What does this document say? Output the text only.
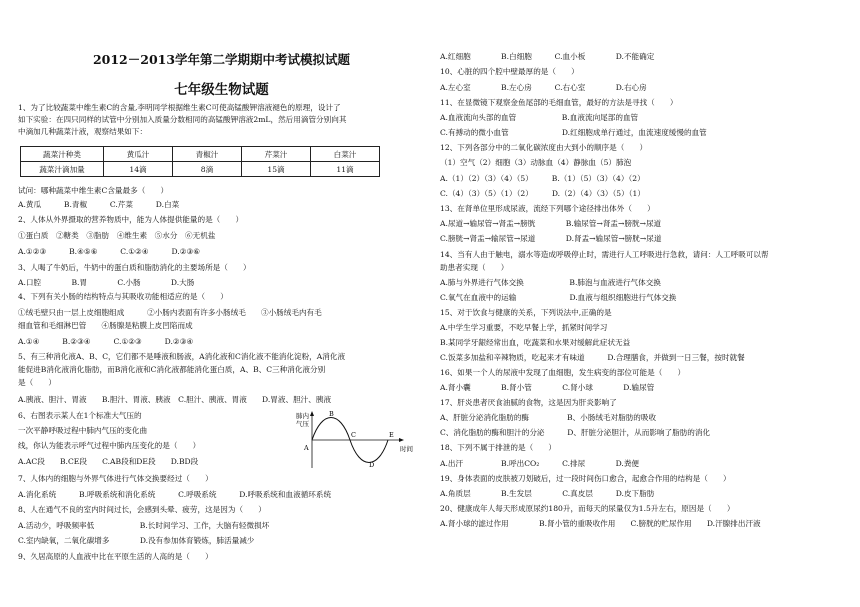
2012－2013学年第二学期期中考试模拟试题
七年级生物试题
1、为了比较蔬菜中维生素C的含量,李明同学根据维生素C可使高锰酸钾溶液褪色的原理，设计了
如下实验：在四只同样的试管中分别加入质量分数相同的高锰酸钾溶液2mL，然后用滴管分别向其
中滴加几种蔬菜汁液，观察结果如下：
蔬菜汁种类	黄瓜汁	青椒汁	芹菜汁	白菜汁
蔬菜汁滴加量	14滴	8滴	15滴	11滴
试问：哪种蔬菜中维生素C含量最多（　　）
A.黄瓜　　　B.青椒　　　C.芹菜　　　D.白菜
2、人体从外界摄取的营养物质中，能为人体提供能量的是（　　）
①蛋白质　②糖类　③脂肪　④维生素　⑤水分　⑥无机盐
A.①②③　　　B.④⑤⑥　　　C.①②④　　　D.②③⑥
3、人喝了牛奶后，牛奶中的蛋白质和脂肪消化的主要场所是（　　）
A.口腔　　　　B.胃　　　　C.小肠　　　　D.大肠
4、下列有关小肠的结构特点与其吸收功能相适应的是（　　）
①绒毛壁只由一层上皮细胞组成　　　②小肠内表面有许多小肠绒毛　　③小肠绒毛内有毛
细血管和毛细淋巴管　　④肠腺是粘膜上皮凹陷而成
A.①④　　　B.②③④　　　C.①②③　　　D.②③④
5、有三种消化液A、B、C，它们都不是唾液和肠液，A消化液和C消化液不能消化淀粉，A消化液
能促进B消化液消化脂肪，而B消化液和C消化液都能消化蛋白质，A、B、C三种消化液分别
是（　　）
A.胰液、胆汁、胃液　　B.胆汁、胃液、胰液　C.胆汁、胰液、胃液　　D.胃液、胆汁、胰液
6、右图表示某人在1个标准大气压的
一次平静呼吸过程中肺内气压的变化曲
线，你认为能表示呼气过程中肺内压变化的是（　　）
A.AC段　　B.CE段　　C.AB段和DE段　　D.BD段
7、人体内的细胞与外界气体进行气体交换要经过（　　）
A.消化系统　　　B.呼吸系统和消化系统　　　C.呼吸系统　　　D.呼吸系统和血液循环系统
8、人在通气不良的室内时间过长，会感到头晕、疲劳，这是因为（　　）
A.活动少，呼吸频率低　　　　　　B.长时间学习、工作，大脑有轻微损坏
C.室内缺氧，二氧化碳增多　　　　D.没有参加体育锻炼，肺活量减少
9、久居高原的人血液中比在平原生活的人高的是（　　）
肺内
气压
A
B
C
D
E
时间
A.红细胞　　　　B.白细胞　　　C.血小板　　　　D.不能确定
10、心脏的四个腔中壁最厚的是（　　）
A.左心室　　　　B.左心房　　　C.右心室　　　　D.右心房
11、在显微镜下观察金鱼尾部的毛细血管，最好的方法是寻找（　　）
A.血液流向头部的血管　　　　　　B.血液流向尾部的血管
C.有搏动的微小血管　　　　　　　D.红细胞成单行通过，血流速度缓慢的血管
12、下列各部分中的二氧化碳浓度由大到小的顺序是（　　）
（1）空气（2）细胞（3）动脉血（4）静脉血（5）肺泡
A.（1）（2）（3）（4）（5）　　　B.（1）（5）（3）（4）（2）
C.（4）（3）（5）（1）（2）　　　D.（2）（4）（3）（5）（1）
13、在肾单位里形成尿液，流经下列哪个途径排出体外（　　）
A.尿道→输尿管→肾盂→膀胱　　　　B.输尿管→肾盂→膀胱→尿道
C.膀胱→肾盂→输尿管→尿道　　　　D.肾盂→输尿管→膀胱→尿道
14、当有人由于触电，溺水等造成呼吸停止时，需进行人工呼吸进行急救，请问：人工呼吸可以帮
助患者实现（　　）
A.肺与外界进行气体交换　　　　　　B.肺泡与血液进行气体交换
C.氧气在血液中的运输　　　　　　　D.血液与组织细胞进行气体交换
15、对于饮食与健康的关系，下列说法中,正确的是
A.中学生学习重要，不吃早餐上学，抓紧时间学习
B.某同学牙龈经常出血，吃蔬菜和水果对缓解此症状无益
C.饭菜多加盐和辛辣物质，吃起来才有味道　　　D.合理膳食，并做到一日三餐，按时就餐
16、如果一个人的尿液中发现了血细胞，发生病变的部位可能是（　　）
A.肾小囊　　　　B.肾小管　　　　C.肾小球　　　　D.输尿管
17、肝炎患者厌食油腻的食物，这是因为肝炎影响了
A、肝脏分泌消化脂肪的酶　　　　　B、小肠绒毛对脂肪的吸收
C、消化脂肪的酶和胆汁的分泌　　　D、肝脏分泌胆汁，从而影响了脂肪的消化
18、下列不属于排泄的是（　　）
A.出汗　　　　　B.呼出CO₂　　　C.排尿　　　　D.粪便
19、身体表面的皮肤被刀划破后，过一段时间伤口愈合，起愈合作用的结构是（　　）
A.角质层　　　　B.生发层　　　　C.真皮层　　　D.皮下脂肪
20、健康成年人每天形成原尿约180升，而每天的尿量仅为1.5升左右，原因是（　　）
A.肾小球的滤过作用　　　　B.肾小管的重吸收作用　　C.膀胱的贮尿作用　　D.汗腺排出汗液
